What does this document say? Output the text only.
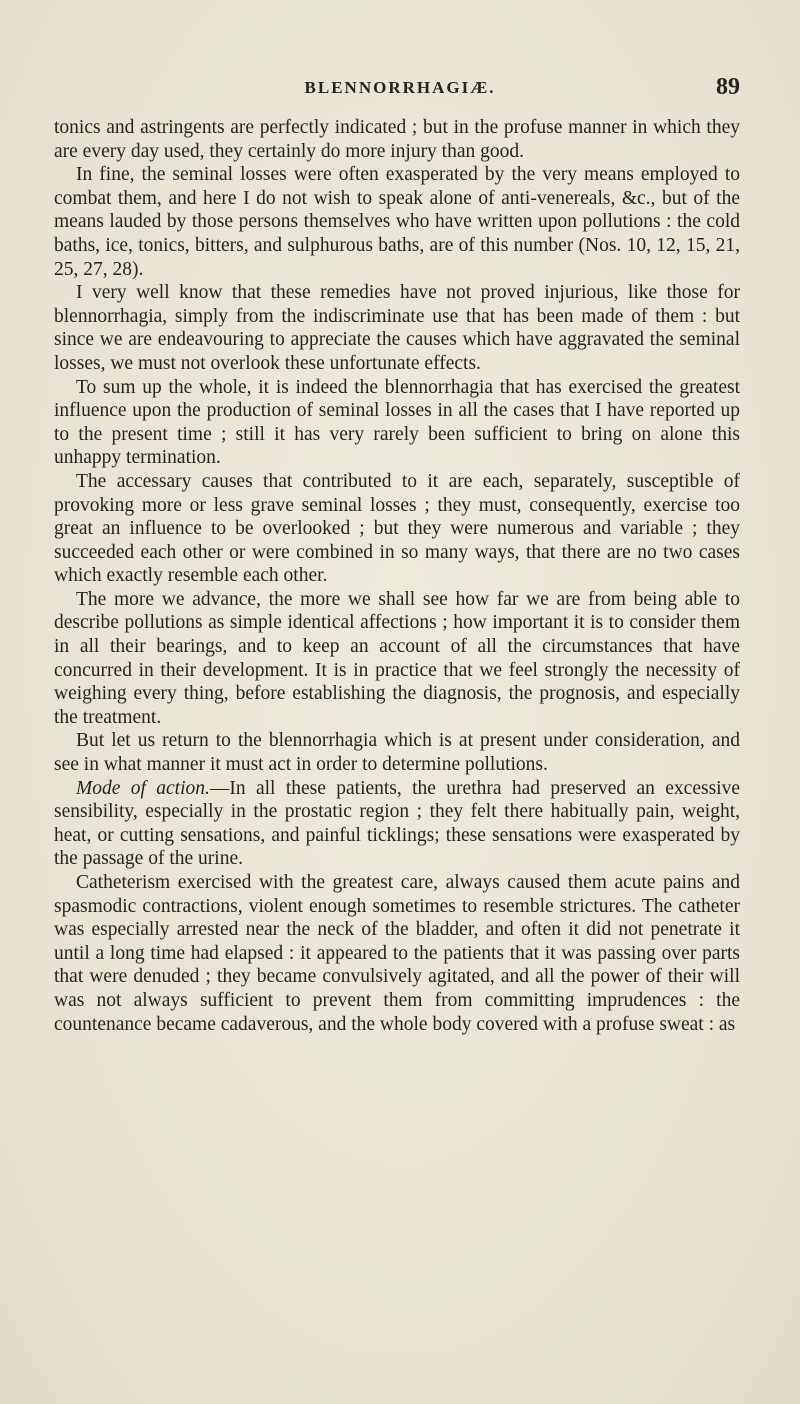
BLENNORRHAGIÆ.	89

tonics and astringents are perfectly indicated ; but in the profuse manner in which they are every day used, they certainly do more injury than good.

In fine, the seminal losses were often exasperated by the very means employed to combat them, and here I do not wish to speak alone of anti-venereals, &c., but of the means lauded by those persons themselves who have written upon pollutions : the cold baths, ice, tonics, bitters, and sulphurous baths, are of this number (Nos. 10, 12, 15, 21, 25, 27, 28).

I very well know that these remedies have not proved injurious, like those for blennorrhagia, simply from the indiscriminate use that has been made of them : but since we are endeavouring to appreciate the causes which have aggravated the seminal losses, we must not overlook these unfortunate effects.

To sum up the whole, it is indeed the blennorrhagia that has exercised the greatest influence upon the production of seminal losses in all the cases that I have reported up to the present time ; still it has very rarely been sufficient to bring on alone this unhappy termination.

The accessary causes that contributed to it are each, separately, susceptible of provoking more or less grave seminal losses ; they must, consequently, exercise too great an influence to be overlooked ; but they were numerous and variable ; they succeeded each other or were combined in so many ways, that there are no two cases which exactly resemble each other.

The more we advance, the more we shall see how far we are from being able to describe pollutions as simple identical affections ; how important it is to consider them in all their bearings, and to keep an account of all the circumstances that have concurred in their development. It is in practice that we feel strongly the necessity of weighing every thing, before establishing the diagnosis, the prognosis, and especially the treatment.

But let us return to the blennorrhagia which is at present under consideration, and see in what manner it must act in order to determine pollutions.

Mode of action.—In all these patients, the urethra had preserved an excessive sensibility, especially in the prostatic region ; they felt there habitually pain, weight, heat, or cutting sensations, and painful ticklings; these sensations were exasperated by the passage of the urine.

Catheterism exercised with the greatest care, always caused them acute pains and spasmodic contractions, violent enough sometimes to resemble strictures. The catheter was especially arrested near the neck of the bladder, and often it did not penetrate it until a long time had elapsed : it appeared to the patients that it was passing over parts that were denuded ; they became convulsively agitated, and all the power of their will was not always sufficient to prevent them from committing imprudences : the countenance became cadaverous, and the whole body covered with a profuse sweat : as
